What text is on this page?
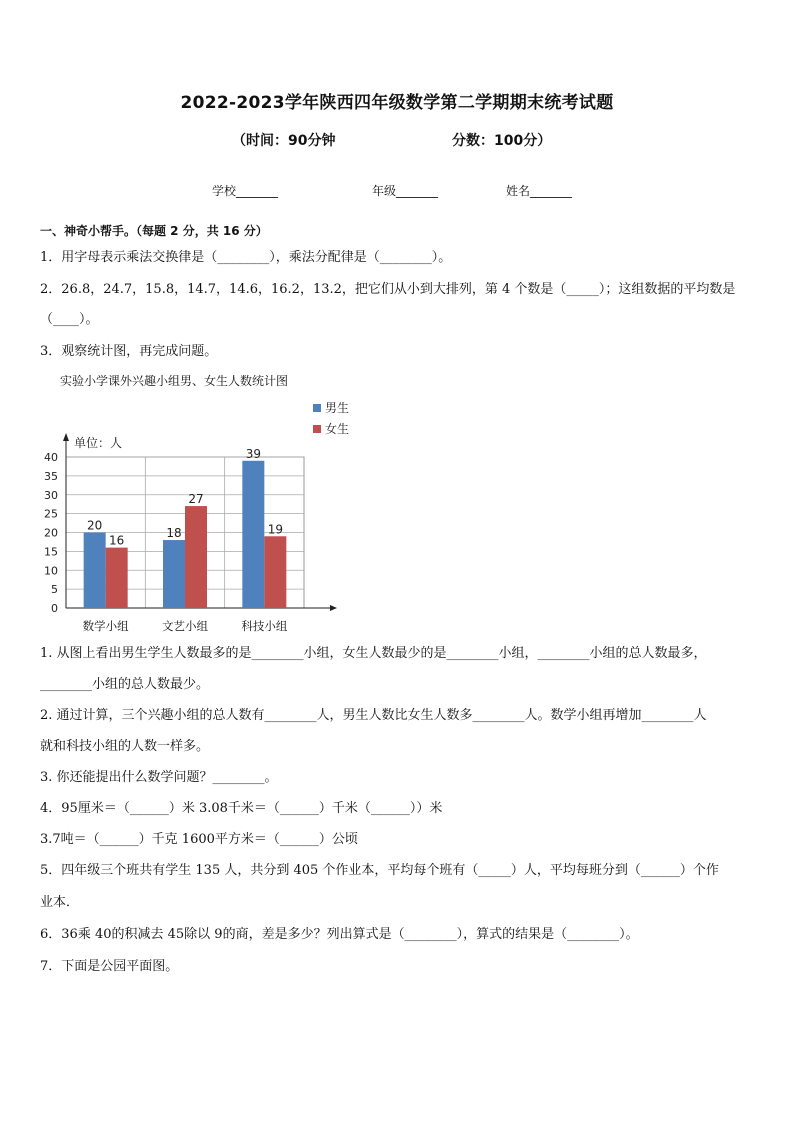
2022-2023学年陕西四年级数学第二学期期末统考试题
（时间：90分钟	分数：100分）
学校_______	年级_______	姓名_______
一、神奇小帮手。（每题 2 分，共 16 分）
1．用字母表示乘法交换律是（________），乘法分配律是（________）。
2．26.8，24.7，15.8，14.7，14.6，16.2，13.2，把它们从小到大排列，第 4 个数是（_____）；这组数据的平均数是
（____）。
3．观察统计图，再完成问题。
实验小学课外兴趣小组男、女生人数统计图
0
5
10
15
20
25
30
35
40
单位：人
20
16
数学小组
18
27
文艺小组
39
19
科技小组
男生
女生
1. 从图上看出男生学生人数最多的是________小组，女生人数最少的是________小组，________小组的总人数最多，
________小组的总人数最少。
2. 通过计算，三个兴趣小组的总人数有________人，男生人数比女生人数多________人。数学小组再增加________人
就和科技小组的人数一样多。
3. 你还能提出什么数学问题？________。
4．95厘米＝（______）米 3.08千米＝（______）千米（______））米
3.7吨＝（______）千克 1600平方米＝（______）公顷
5．四年级三个班共有学生 135 人，共分到 405 个作业本，平均每个班有（_____）人，平均每班分到（______）个作
业本．
6．36乘 40的积减去 45除以 9的商，差是多少？列出算式是（________），算式的结果是（________）。
7．下面是公园平面图。
